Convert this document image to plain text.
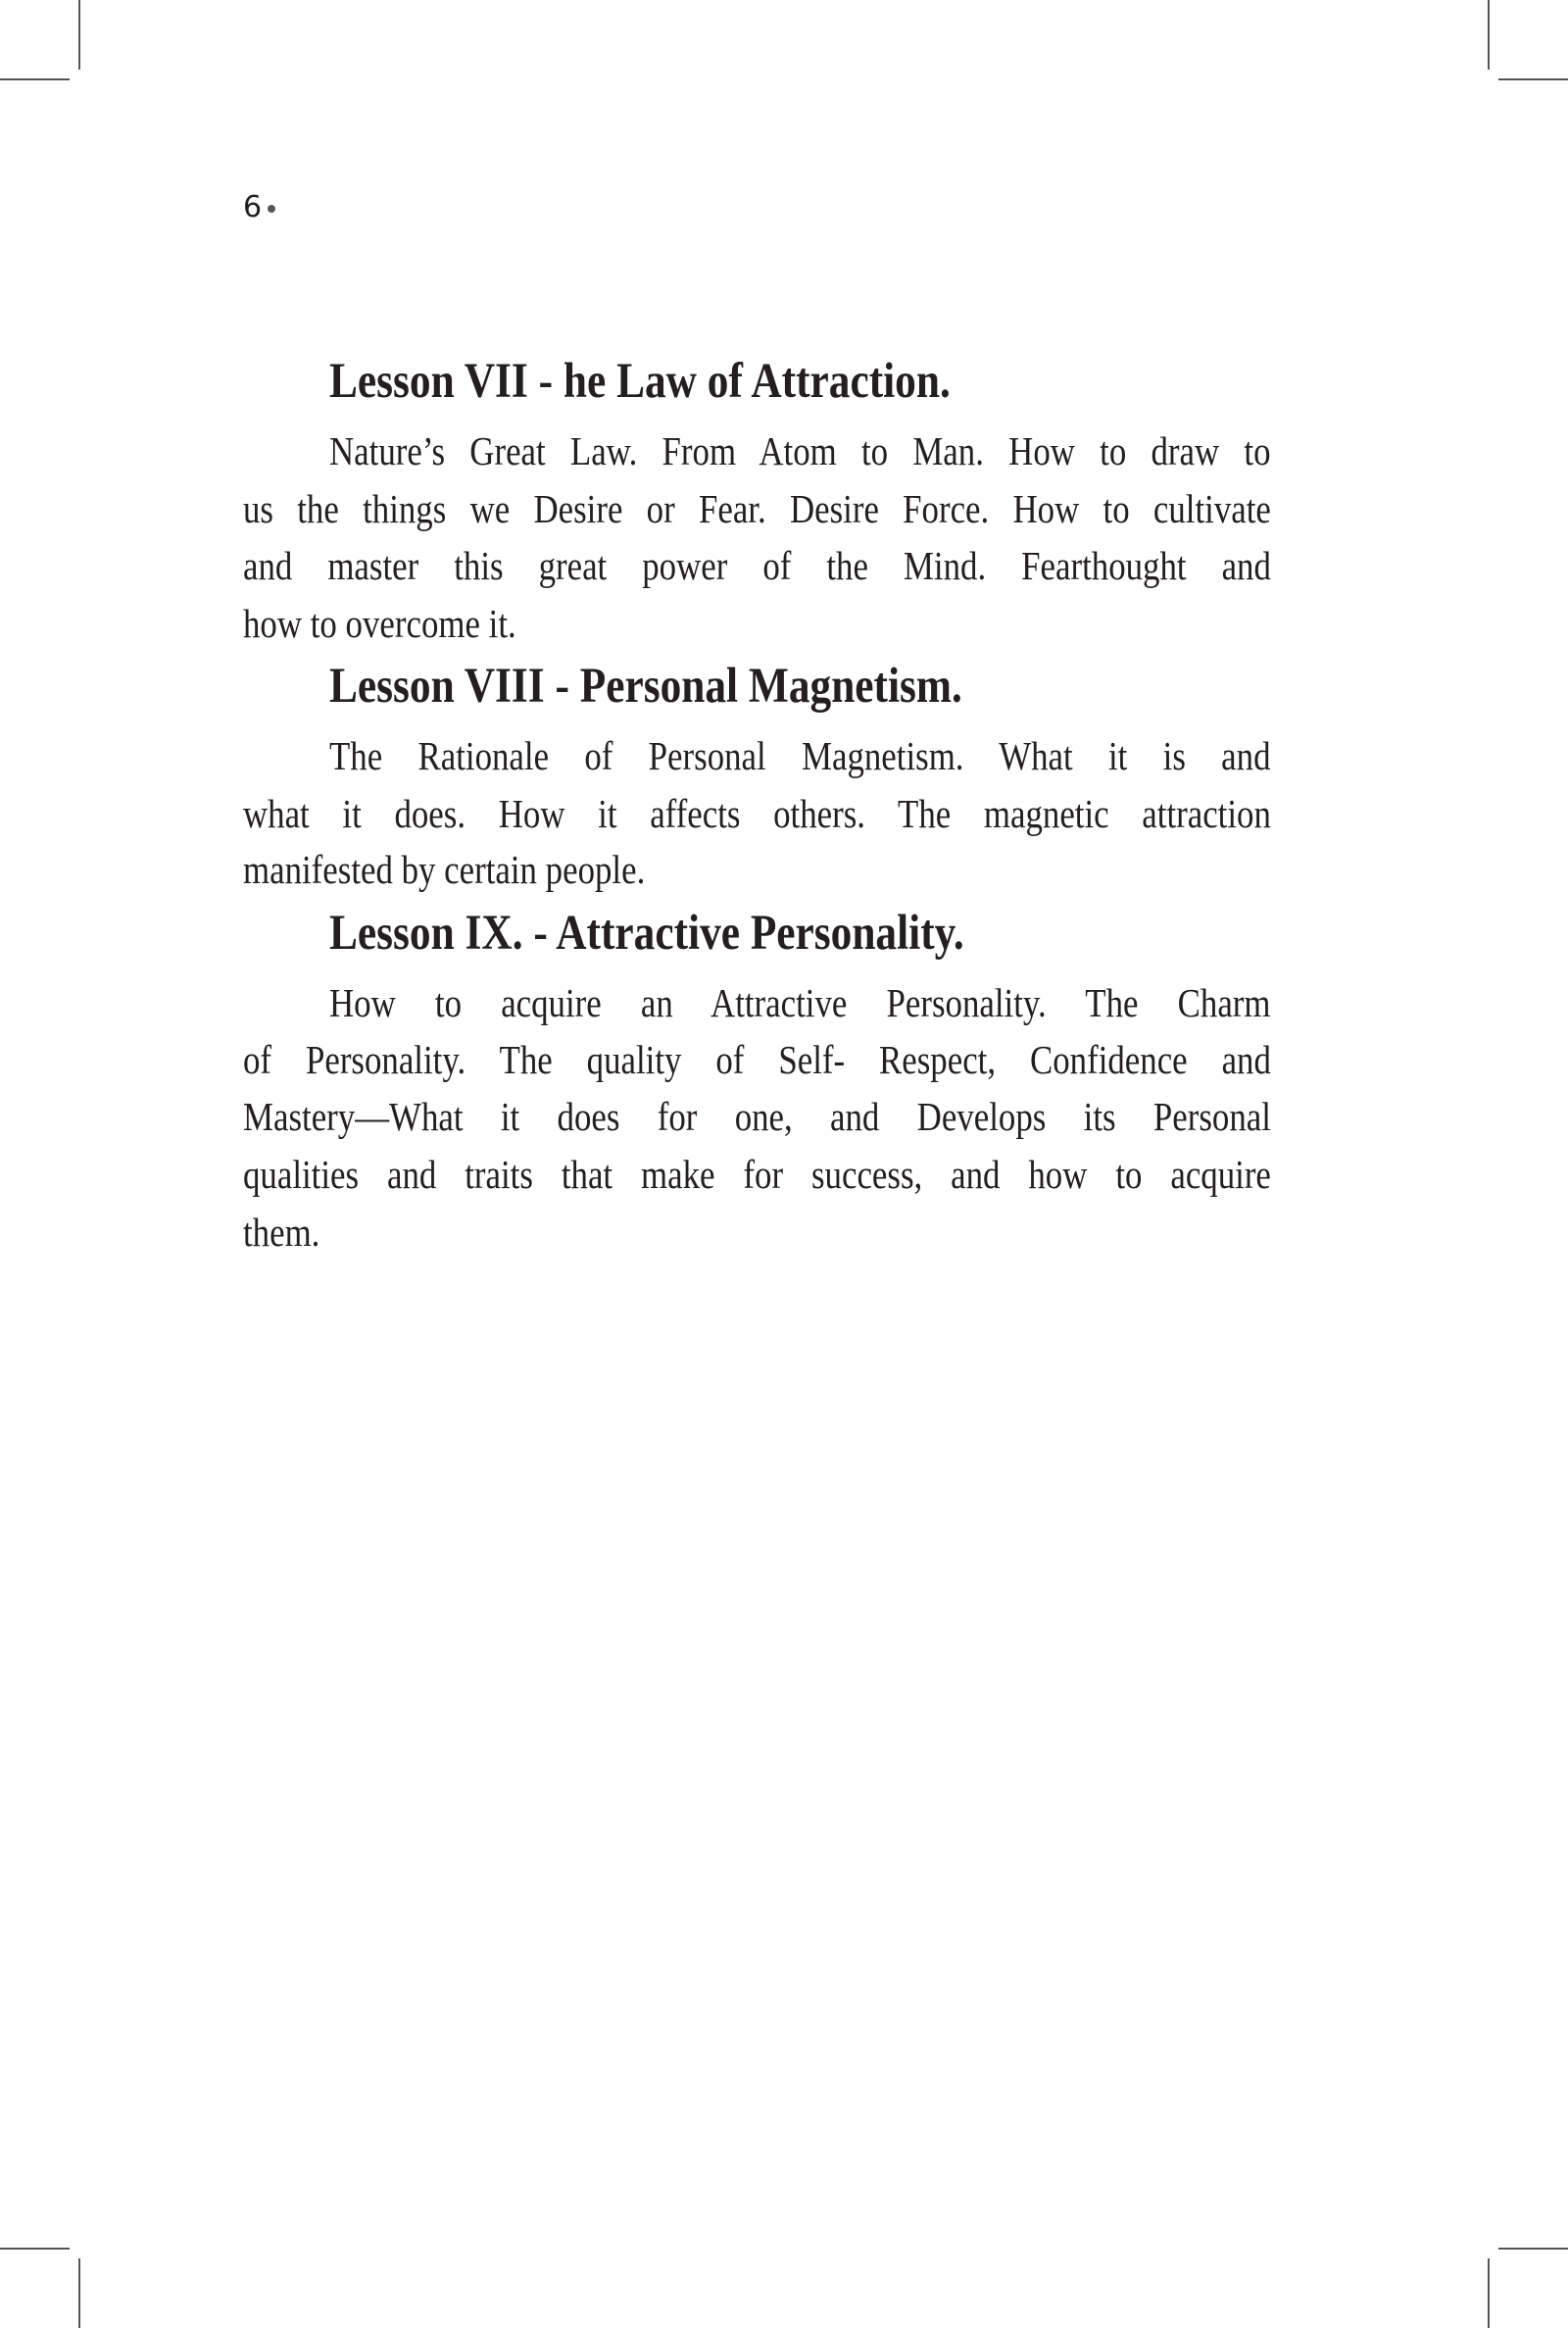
6
Lesson VII - he Law of Attraction.
Nature’s Great Law. From Atom to Man. How to draw to
us the things we Desire or Fear. Desire Force. How to cultivate
and master this great power of the Mind. Fearthought and
how to overcome it.
Lesson VIII - Personal Magnetism.
The Rationale of Personal Magnetism. What it is and
what it does. How it affects others. The magnetic attraction
manifested by certain people.
Lesson IX. - Attractive Personality.
How to acquire an Attractive Personality. The Charm
of Personality. The quality of Self- Respect, Confidence and
Mastery—What it does for one, and Develops its Personal
qualities and traits that make for success, and how to acquire
them.
